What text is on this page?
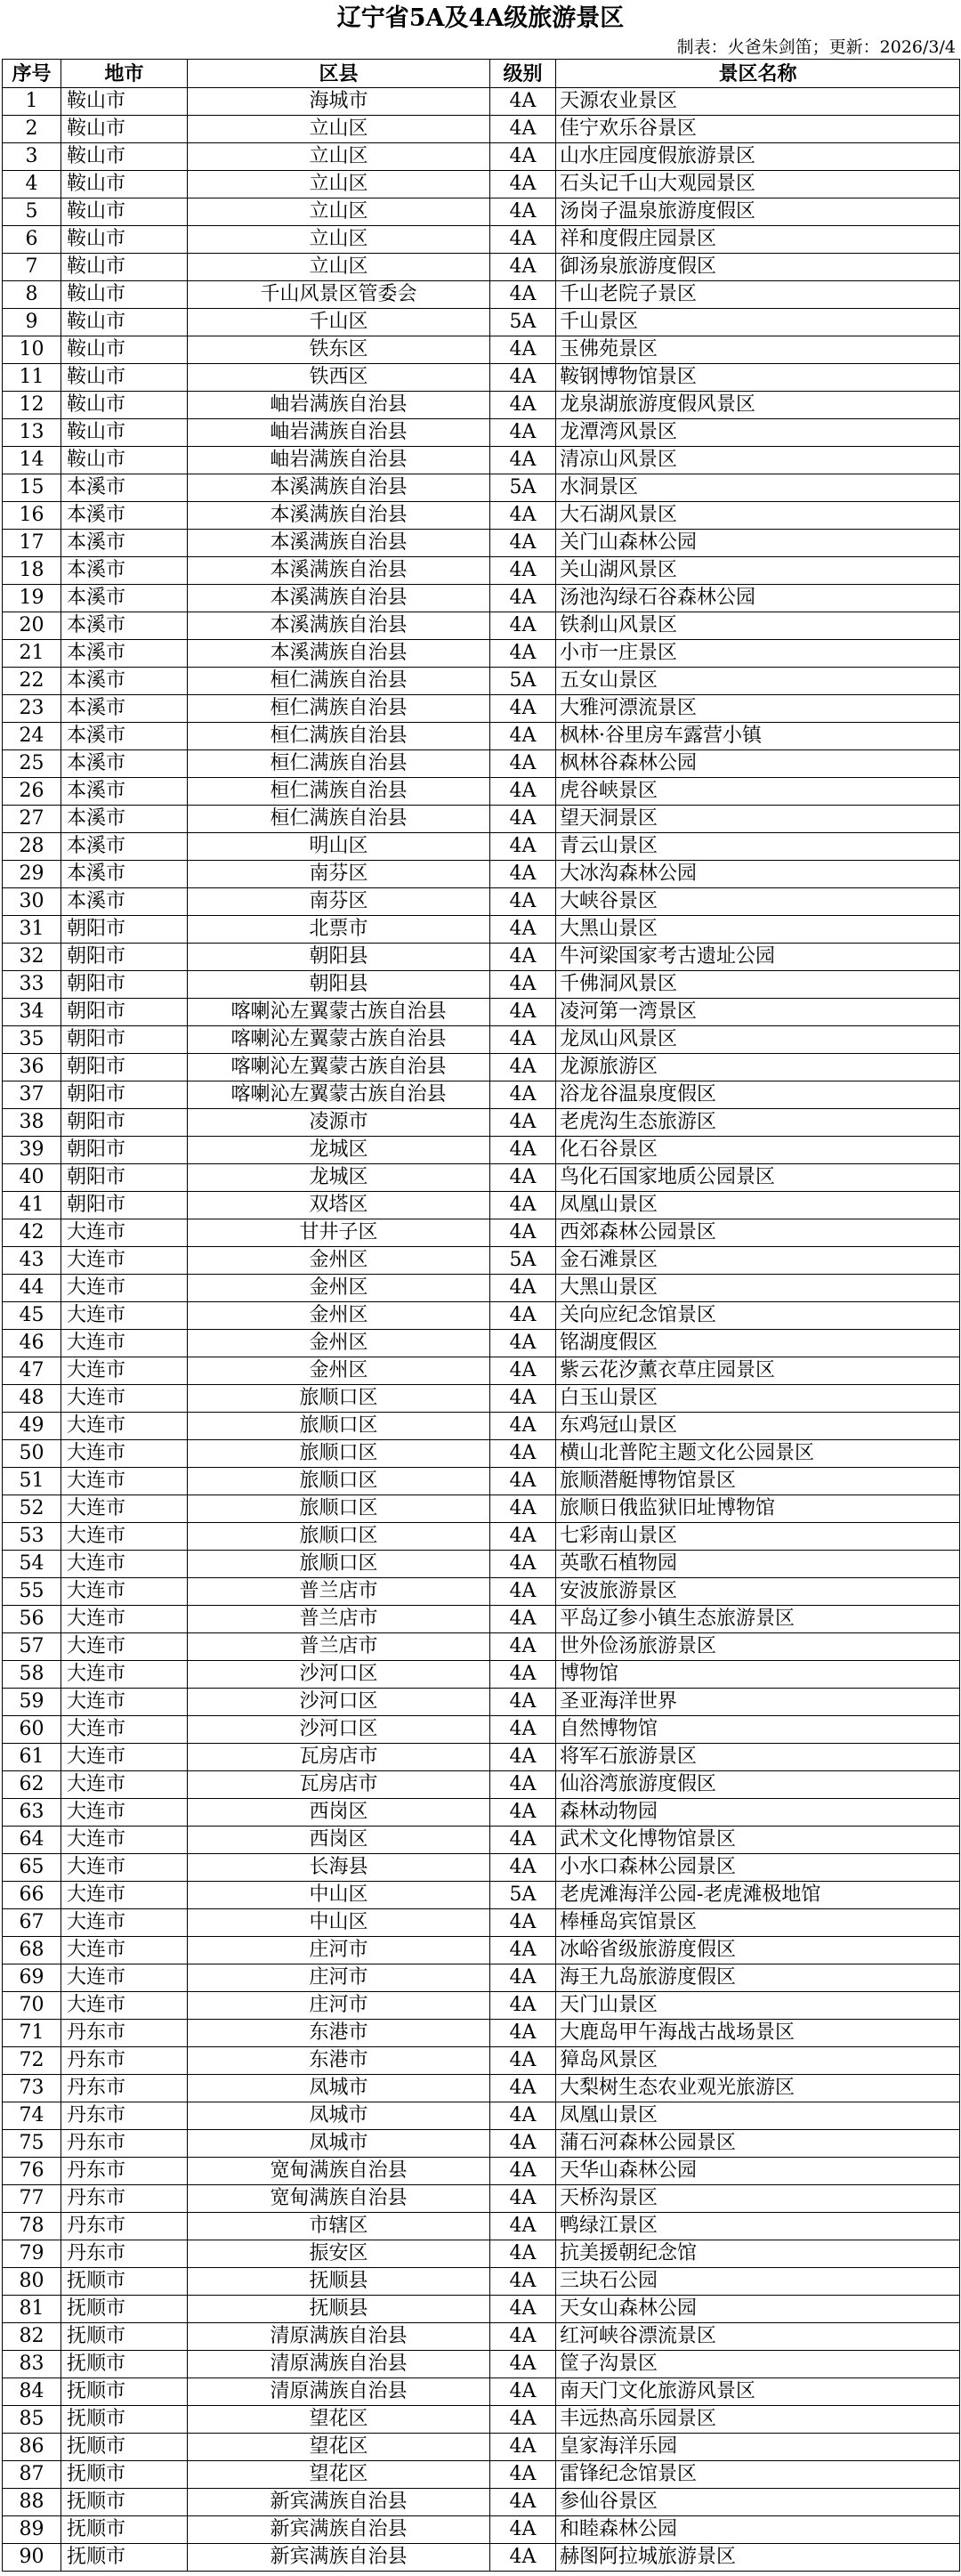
辽宁省5A及4A级旅游景区
制表：火爸朱剑笛；更新：2026/3/4
序号	地市	区县	级别	景区名称
1	鞍山市	海城市	4A	天源农业景区
2	鞍山市	立山区	4A	佳宁欢乐谷景区
3	鞍山市	立山区	4A	山水庄园度假旅游景区
4	鞍山市	立山区	4A	石头记千山大观园景区
5	鞍山市	立山区	4A	汤岗子温泉旅游度假区
6	鞍山市	立山区	4A	祥和度假庄园景区
7	鞍山市	立山区	4A	御汤泉旅游度假区
8	鞍山市	千山风景区管委会	4A	千山老院子景区
9	鞍山市	千山区	5A	千山景区
10	鞍山市	铁东区	4A	玉佛苑景区
11	鞍山市	铁西区	4A	鞍钢博物馆景区
12	鞍山市	岫岩满族自治县	4A	龙泉湖旅游度假风景区
13	鞍山市	岫岩满族自治县	4A	龙潭湾风景区
14	鞍山市	岫岩满族自治县	4A	清凉山风景区
15	本溪市	本溪满族自治县	5A	水洞景区
16	本溪市	本溪满族自治县	4A	大石湖风景区
17	本溪市	本溪满族自治县	4A	关门山森林公园
18	本溪市	本溪满族自治县	4A	关山湖风景区
19	本溪市	本溪满族自治县	4A	汤池沟绿石谷森林公园
20	本溪市	本溪满族自治县	4A	铁刹山风景区
21	本溪市	本溪满族自治县	4A	小市一庄景区
22	本溪市	桓仁满族自治县	5A	五女山景区
23	本溪市	桓仁满族自治县	4A	大雅河漂流景区
24	本溪市	桓仁满族自治县	4A	枫林·谷里房车露营小镇
25	本溪市	桓仁满族自治县	4A	枫林谷森林公园
26	本溪市	桓仁满族自治县	4A	虎谷峡景区
27	本溪市	桓仁满族自治县	4A	望天洞景区
28	本溪市	明山区	4A	青云山景区
29	本溪市	南芬区	4A	大冰沟森林公园
30	本溪市	南芬区	4A	大峡谷景区
31	朝阳市	北票市	4A	大黑山景区
32	朝阳市	朝阳县	4A	牛河梁国家考古遗址公园
33	朝阳市	朝阳县	4A	千佛洞风景区
34	朝阳市	喀喇沁左翼蒙古族自治县	4A	凌河第一湾景区
35	朝阳市	喀喇沁左翼蒙古族自治县	4A	龙凤山风景区
36	朝阳市	喀喇沁左翼蒙古族自治县	4A	龙源旅游区
37	朝阳市	喀喇沁左翼蒙古族自治县	4A	浴龙谷温泉度假区
38	朝阳市	凌源市	4A	老虎沟生态旅游区
39	朝阳市	龙城区	4A	化石谷景区
40	朝阳市	龙城区	4A	鸟化石国家地质公园景区
41	朝阳市	双塔区	4A	凤凰山景区
42	大连市	甘井子区	4A	西郊森林公园景区
43	大连市	金州区	5A	金石滩景区
44	大连市	金州区	4A	大黑山景区
45	大连市	金州区	4A	关向应纪念馆景区
46	大连市	金州区	4A	铭湖度假区
47	大连市	金州区	4A	紫云花汐薰衣草庄园景区
48	大连市	旅顺口区	4A	白玉山景区
49	大连市	旅顺口区	4A	东鸡冠山景区
50	大连市	旅顺口区	4A	横山北普陀主题文化公园景区
51	大连市	旅顺口区	4A	旅顺潜艇博物馆景区
52	大连市	旅顺口区	4A	旅顺日俄监狱旧址博物馆
53	大连市	旅顺口区	4A	七彩南山景区
54	大连市	旅顺口区	4A	英歌石植物园
55	大连市	普兰店市	4A	安波旅游景区
56	大连市	普兰店市	4A	平岛辽参小镇生态旅游景区
57	大连市	普兰店市	4A	世外俭汤旅游景区
58	大连市	沙河口区	4A	博物馆
59	大连市	沙河口区	4A	圣亚海洋世界
60	大连市	沙河口区	4A	自然博物馆
61	大连市	瓦房店市	4A	将军石旅游景区
62	大连市	瓦房店市	4A	仙浴湾旅游度假区
63	大连市	西岗区	4A	森林动物园
64	大连市	西岗区	4A	武术文化博物馆景区
65	大连市	长海县	4A	小水口森林公园景区
66	大连市	中山区	5A	老虎滩海洋公园-老虎滩极地馆
67	大连市	中山区	4A	棒棰岛宾馆景区
68	大连市	庄河市	4A	冰峪省级旅游度假区
69	大连市	庄河市	4A	海王九岛旅游度假区
70	大连市	庄河市	4A	天门山景区
71	丹东市	东港市	4A	大鹿岛甲午海战古战场景区
72	丹东市	东港市	4A	獐岛风景区
73	丹东市	凤城市	4A	大梨树生态农业观光旅游区
74	丹东市	凤城市	4A	凤凰山景区
75	丹东市	凤城市	4A	蒲石河森林公园景区
76	丹东市	宽甸满族自治县	4A	天华山森林公园
77	丹东市	宽甸满族自治县	4A	天桥沟景区
78	丹东市	市辖区	4A	鸭绿江景区
79	丹东市	振安区	4A	抗美援朝纪念馆
80	抚顺市	抚顺县	4A	三块石公园
81	抚顺市	抚顺县	4A	天女山森林公园
82	抚顺市	清原满族自治县	4A	红河峡谷漂流景区
83	抚顺市	清原满族自治县	4A	筐子沟景区
84	抚顺市	清原满族自治县	4A	南天门文化旅游风景区
85	抚顺市	望花区	4A	丰远热高乐园景区
86	抚顺市	望花区	4A	皇家海洋乐园
87	抚顺市	望花区	4A	雷锋纪念馆景区
88	抚顺市	新宾满族自治县	4A	参仙谷景区
89	抚顺市	新宾满族自治县	4A	和睦森林公园
90	抚顺市	新宾满族自治县	4A	赫图阿拉城旅游景区
